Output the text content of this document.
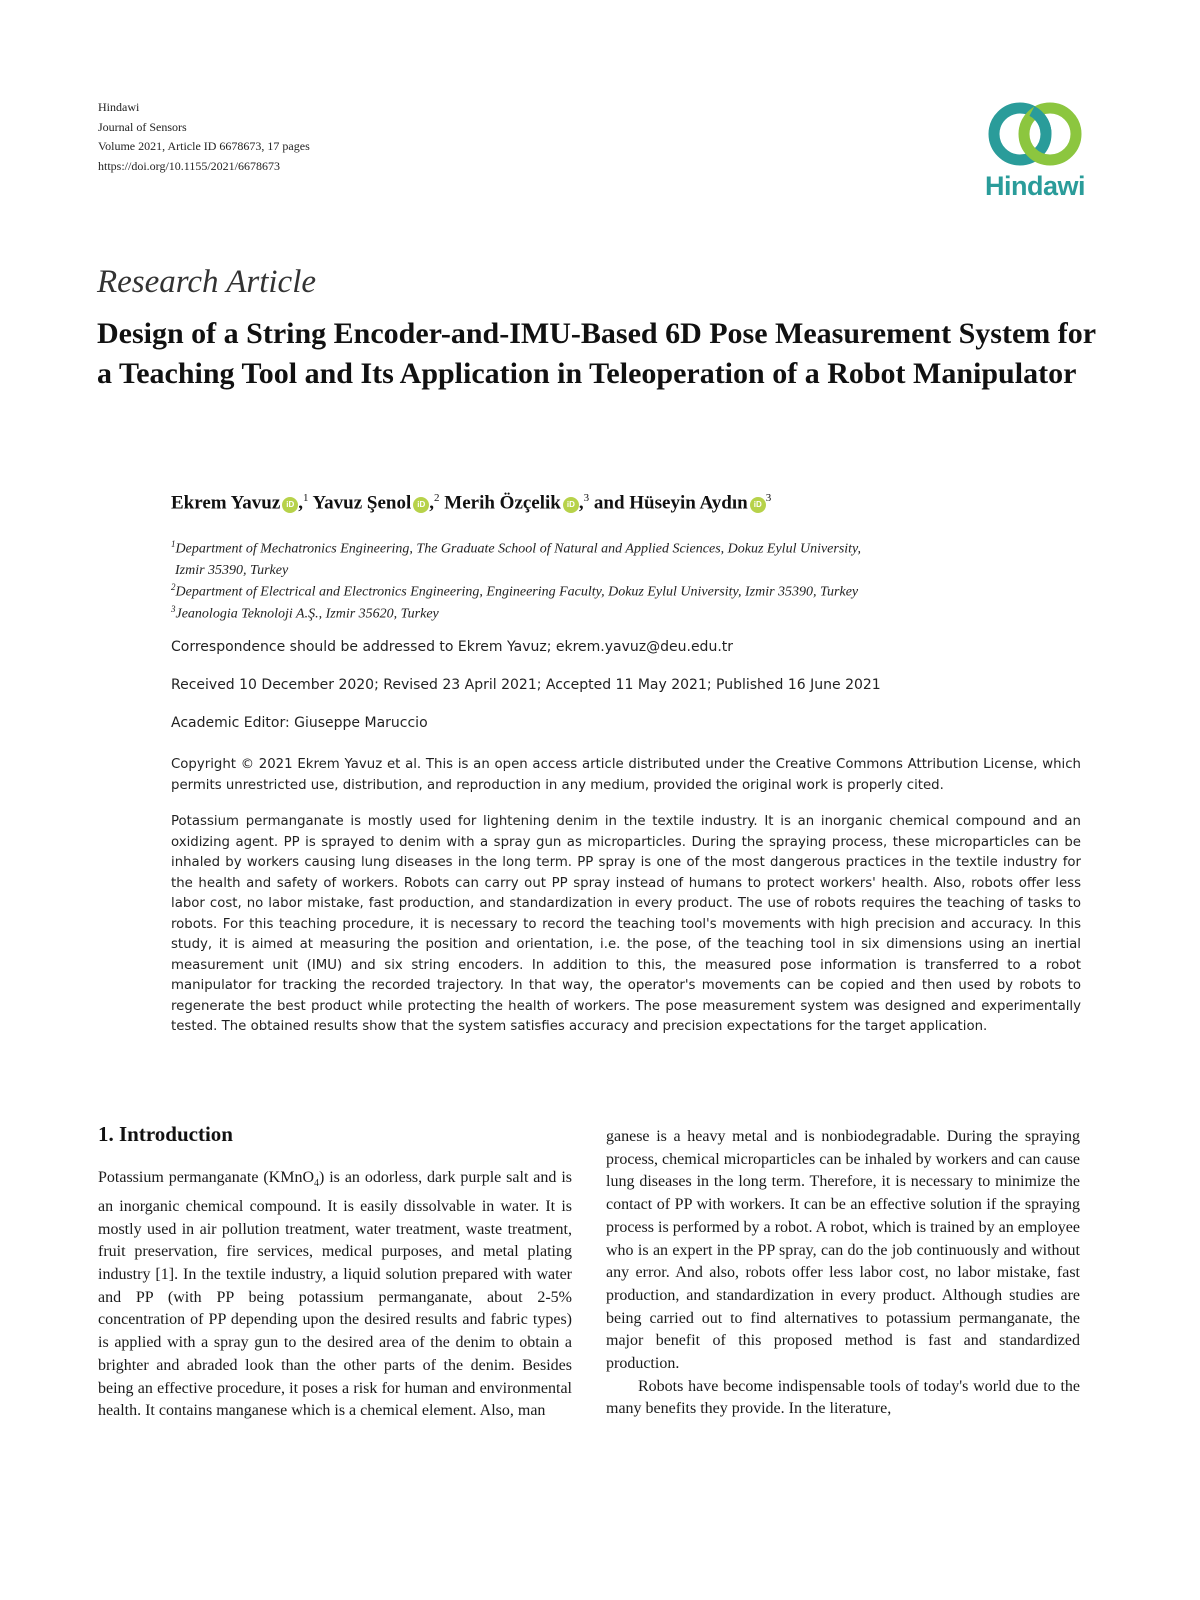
Hindawi
Journal of Sensors
Volume 2021, Article ID 6678673, 17 pages
https://doi.org/10.1155/2021/6678673
Hindawi
Research Article
Design of a String Encoder-and-IMU-Based 6D Pose Measurement System for a Teaching Tool and Its Application in Teleoperation of a Robot Manipulator
Ekrem Yavuz iD ,$^1$ Yavuz Şenol iD ,$^2$ Merih Özçelik iD ,$^3$ and Hüseyin Aydın $iD^3$
$^1$Department of Mechatronics Engineering, The Graduate School of Natural and Applied Sciences, Dokuz Eylul University,
Izmir 35390, Turkey
$^2$Department of Electrical and Electronics Engineering, Engineering Faculty, Dokuz Eylul University, Izmir 35390, Turkey
$^3$Jeanologia Teknoloji A.Ş., Izmir 35620, Turkey
Correspondence should be addressed to Ekrem Yavuz; ekrem.yavuz@deu.edu.tr
Received 10 December 2020; Revised 23 April 2021; Accepted 11 May 2021; Published 16 June 2021
Academic Editor: Giuseppe Maruccio
Copyright © 2021 Ekrem Yavuz et al. This is an open access article distributed under the Creative Commons Attribution License, which permits unrestricted use, distribution, and reproduction in any medium, provided the original work is properly cited.
Potassium permanganate is mostly used for lightening denim in the textile industry. It is an inorganic chemical compound and an oxidizing agent. PP is sprayed to denim with a spray gun as microparticles. During the spraying process, these microparticles can be inhaled by workers causing lung diseases in the long term. PP spray is one of the most dangerous practices in the textile industry for the health and safety of workers. Robots can carry out PP spray instead of humans to protect workers' health. Also, robots offer less labor cost, no labor mistake, fast production, and standardization in every product. The use of robots requires the teaching of tasks to robots. For this teaching procedure, it is necessary to record the teaching tool's movements with high precision and accuracy. In this study, it is aimed at measuring the position and orientation, i.e. the pose, of the teaching tool in six dimensions using an inertial measurement unit (IMU) and six string encoders. In addition to this, the measured pose information is transferred to a robot manipulator for tracking the recorded trajectory. In that way, the operator's movements can be copied and then used by robots to regenerate the best product while protecting the health of workers. The pose measurement system was designed and experimentally tested. The obtained results show that the system satisfies accuracy and precision expectations for the target application.
1. Introduction

Potassium permanganate (KMnO$_4$) is an odorless, dark purple salt and is an inorganic chemical compound. It is easily dissolvable in water. It is mostly used in air pollution treatment, water treatment, waste treatment, fruit preservation, fire services, medical purposes, and metal plating industry [1]. In the textile industry, a liquid solution prepared with water and PP (with PP being potassium permanganate, about 2-5% concentration of PP depending upon the desired results and fabric types) is applied with a spray gun to the desired area of the denim to obtain a brighter and abraded look than the other parts of the denim. Besides being an effective procedure, it poses a risk for human and environmental health. It contains manganese which is a chemical element. Also, man

ganese is a heavy metal and is nonbiodegradable. During the spraying process, chemical microparticles can be inhaled by workers and can cause lung diseases in the long term. Therefore, it is necessary to minimize the contact of PP with workers. It can be an effective solution if the spraying process is performed by a robot. A robot, which is trained by an employee who is an expert in the PP spray, can do the job continuously and without any error. And also, robots offer less labor cost, no labor mistake, fast production, and standardization in every product. Although studies are being carried out to find alternatives to potassium permanganate, the major benefit of this proposed method is fast and standardized production.

Robots have become indispensable tools of today's world due to the many benefits they provide. In the literature,
